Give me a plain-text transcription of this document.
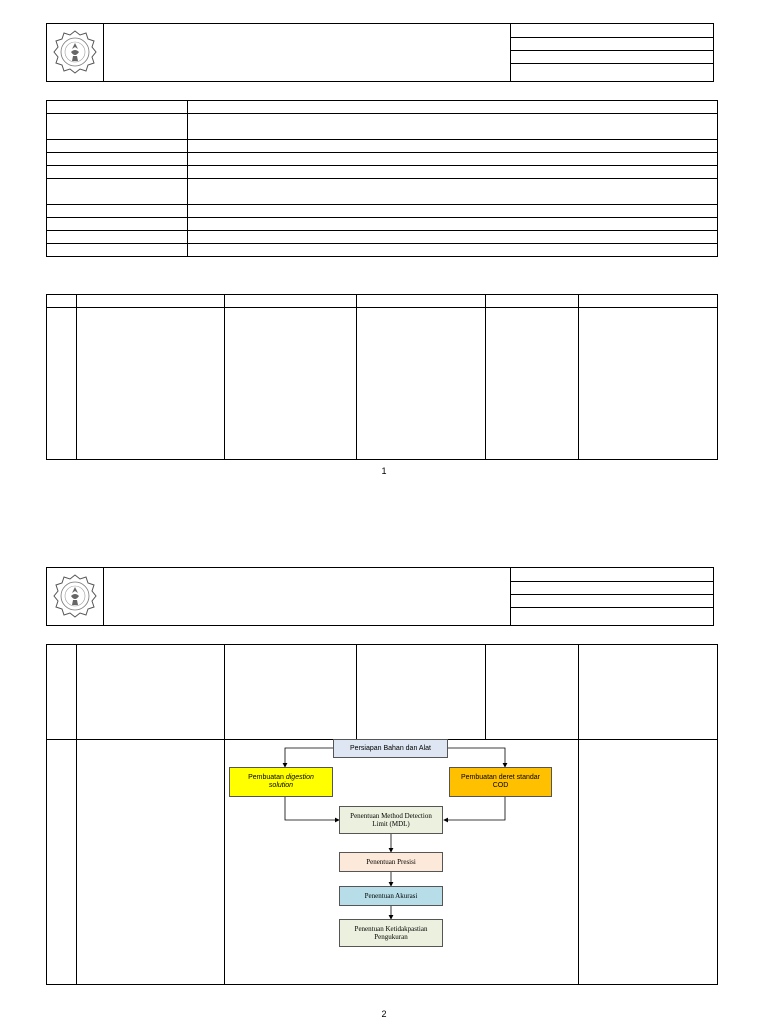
1
Persiapan Bahan dan Alat
Pembuatan digestion
solution
Pembuatan deret standar COD
Penentuan Method Detection Limit (MDL)
Penentuan Presisi
Penentuan Akurasi
Penentuan Ketidakpastian Pengukuran
2
